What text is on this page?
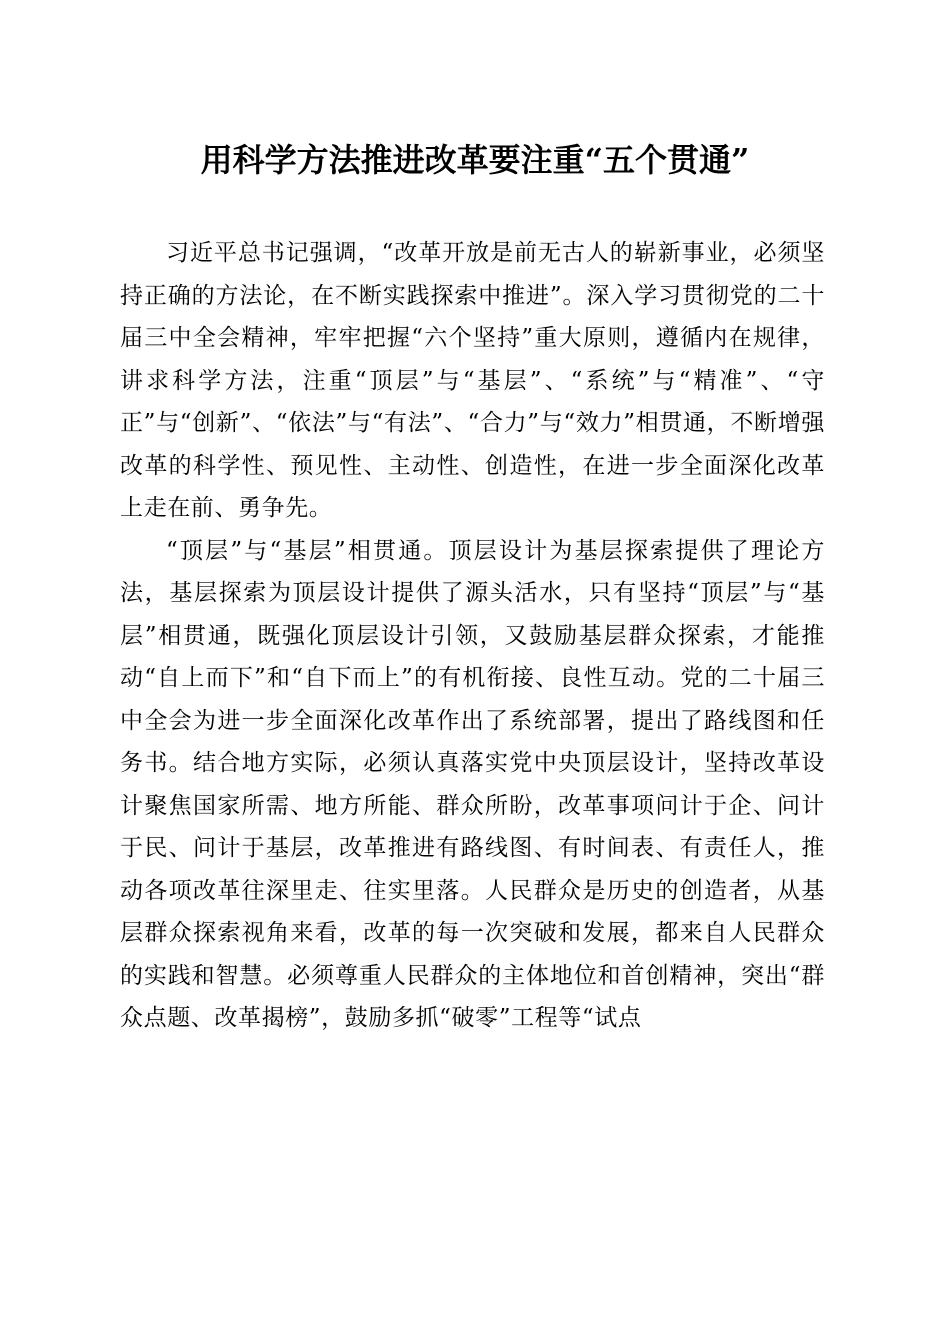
用科学方法推进改革要注重“五个贯通”

习近平总书记强调，“改革开放是前无古人的崭新事业，必须坚持正确的方法论，在不断实践探索中推进”。深入学习贯彻党的二十届三中全会精神，牢牢把握“六个坚持”重大原则，遵循内在规律，讲求科学方法，注重“顶层”与“基层”、“系统”与“精准”、“守正”与“创新”、“依法”与“有法”、“合力”与“效力”相贯通，不断增强改革的科学性、预见性、主动性、创造性，在进一步全面深化改革上走在前、勇争先。

“顶层”与“基层”相贯通。顶层设计为基层探索提供了理论方法，基层探索为顶层设计提供了源头活水，只有坚持“顶层”与“基层”相贯通，既强化顶层设计引领，又鼓励基层群众探索，才能推动“自上而下”和“自下而上”的有机衔接、良性互动。党的二十届三中全会为进一步全面深化改革作出了系统部署，提出了路线图和任务书。结合地方实际，必须认真落实党中央顶层设计，坚持改革设计聚焦国家所需、地方所能、群众所盼，改革事项问计于企、问计于民、问计于基层，改革推进有路线图、有时间表、有责任人，推动各项改革往深里走、往实里落。人民群众是历史的创造者，从基层群众探索视角来看，改革的每一次突破和发展，都来自人民群众的实践和智慧。必须尊重人民群众的主体地位和首创精神，突出“群众点题、改革揭榜”，鼓励多抓“破零”工程等“试点
